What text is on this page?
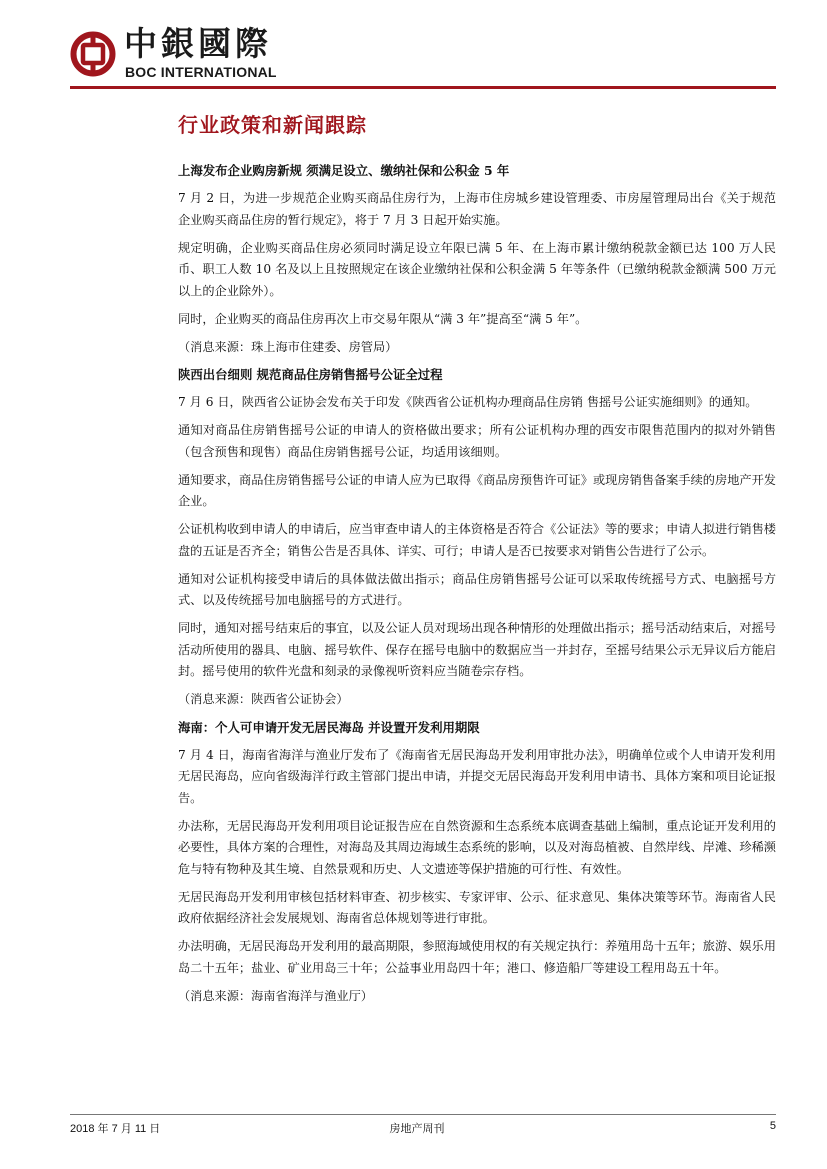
中銀國際
BOC INTERNATIONAL
行业政策和新闻跟踪
上海发布企业购房新规 须满足设立、缴纳社保和公积金 5 年

7 月 2 日，为进一步规范企业购买商品住房行为，上海市住房城乡建设管理委、市房屋管理局出台《关于规范企业购买商品住房的暂行规定》，将于 7 月 3 日起开始实施。

规定明确，企业购买商品住房必须同时满足设立年限已满 5 年、在上海市累计缴纳税款金额已达 100 万人民币、职工人数 10 名及以上且按照规定在该企业缴纳社保和公积金满 5 年等条件（已缴纳税款金额满 500 万元以上的企业除外）。

同时，企业购买的商品住房再次上市交易年限从“满 3 年”提高至“满 5 年”。

（消息来源：珠上海市住建委、房管局）

陕西出台细则 规范商品住房销售摇号公证全过程

7 月 6 日，陕西省公证协会发布关于印发《陕西省公证机构办理商品住房销 售摇号公证实施细则》的通知。

通知对商品住房销售摇号公证的申请人的资格做出要求；所有公证机构办理的西安市限售范围内的拟对外销售（包含预售和现售）商品住房销售摇号公证，均适用该细则。

通知要求，商品住房销售摇号公证的申请人应为已取得《商品房预售许可证》或现房销售备案手续的房地产开发企业。

公证机构收到申请人的申请后，应当审查申请人的主体资格是否符合《公证法》等的要求；申请人拟进行销售楼盘的五证是否齐全；销售公告是否具体、详实、可行；申请人是否已按要求对销售公告进行了公示。

通知对公证机构接受申请后的具体做法做出指示；商品住房销售摇号公证可以采取传统摇号方式、电脑摇号方式、以及传统摇号加电脑摇号的方式进行。

同时，通知对摇号结束后的事宜，以及公证人员对现场出现各种情形的处理做出指示；摇号活动结束后，对摇号活动所使用的器具、电脑、摇号软件、保存在摇号电脑中的数据应当一并封存，至摇号结果公示无异议后方能启封。摇号使用的软件光盘和刻录的录像视听资料应当随卷宗存档。

（消息来源：陕西省公证协会）

海南：个人可申请开发无居民海岛 并设置开发利用期限

7 月 4 日，海南省海洋与渔业厅发布了《海南省无居民海岛开发利用审批办法》，明确单位或个人申请开发利用无居民海岛，应向省级海洋行政主管部门提出申请，并提交无居民海岛开发利用申请书、具体方案和项目论证报告。

办法称，无居民海岛开发利用项目论证报告应在自然资源和生态系统本底调查基础上编制，重点论证开发利用的必要性，具体方案的合理性，对海岛及其周边海域生态系统的影响，以及对海岛植被、自然岸线、岸滩、珍稀濒危与特有物种及其生境、自然景观和历史、人文遗迹等保护措施的可行性、有效性。

无居民海岛开发利用审核包括材料审查、初步核实、专家评审、公示、征求意见、集体决策等环节。海南省人民政府依据经济社会发展规划、海南省总体规划等进行审批。

办法明确，无居民海岛开发利用的最高期限，参照海域使用权的有关规定执行：养殖用岛十五年；旅游、娱乐用岛二十五年；盐业、矿业用岛三十年；公益事业用岛四十年；港口、修造船厂等建设工程用岛五十年。

（消息来源：海南省海洋与渔业厅）

2018 年 7 月 11 日	房地产周刊	5
